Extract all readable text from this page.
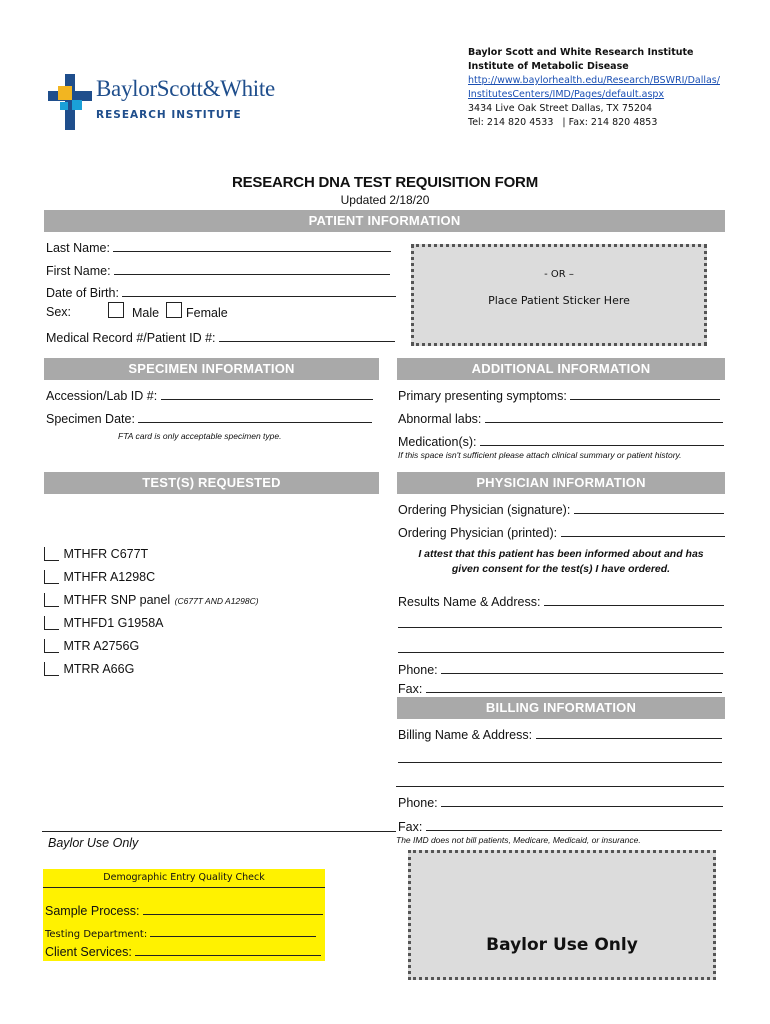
BaylorScott&White
RESEARCH INSTITUTE
Baylor Scott and White Research Institute
Institute of Metabolic Disease
http://www.baylorhealth.edu/Research/BSWRI/Dallas/
InstitutesCenters/IMD/Pages/default.aspx
3434 Live Oak Street Dallas, TX 75204
Tel: 214 820 4533   | Fax: 214 820 4853
RESEARCH DNA TEST REQUISITION FORM
Updated 2/18/20
PATIENT INFORMATION
Last Name:
First Name:
Date of Birth:
Sex:	Male Female
Medical Record #/Patient ID #:
- OR –
Place Patient Sticker Here
SPECIMEN INFORMATION
Accession/Lab ID #:
Specimen Date:
FTA card is only acceptable specimen type.
ADDITIONAL INFORMATION
Primary presenting symptoms:
Abnormal labs:
Medication(s):
If this space isn't sufficient please attach clinical summary or patient history.
TEST(S) REQUESTED
MTHFR C677T
MTHFR A1298C
MTHFR SNP panel (C677T AND A1298C)
MTHFD1 G1958A
MTR A2756G
MTRR A66G
PHYSICIAN INFORMATION
Ordering Physician (signature):
Ordering Physician (printed):
I attest that this patient has been informed about and has
given consent for the test(s) I have ordered.
Results Name & Address:
Phone:
Fax:
BILLING INFORMATION
Billing Name & Address:
Phone:
Fax:
The IMD does not bill patients, Medicare, Medicaid, or insurance.
Baylor Use Only
Demographic Entry Quality Check
Sample Process:
Testing Department:
Client Services:	Baylor Use Only
